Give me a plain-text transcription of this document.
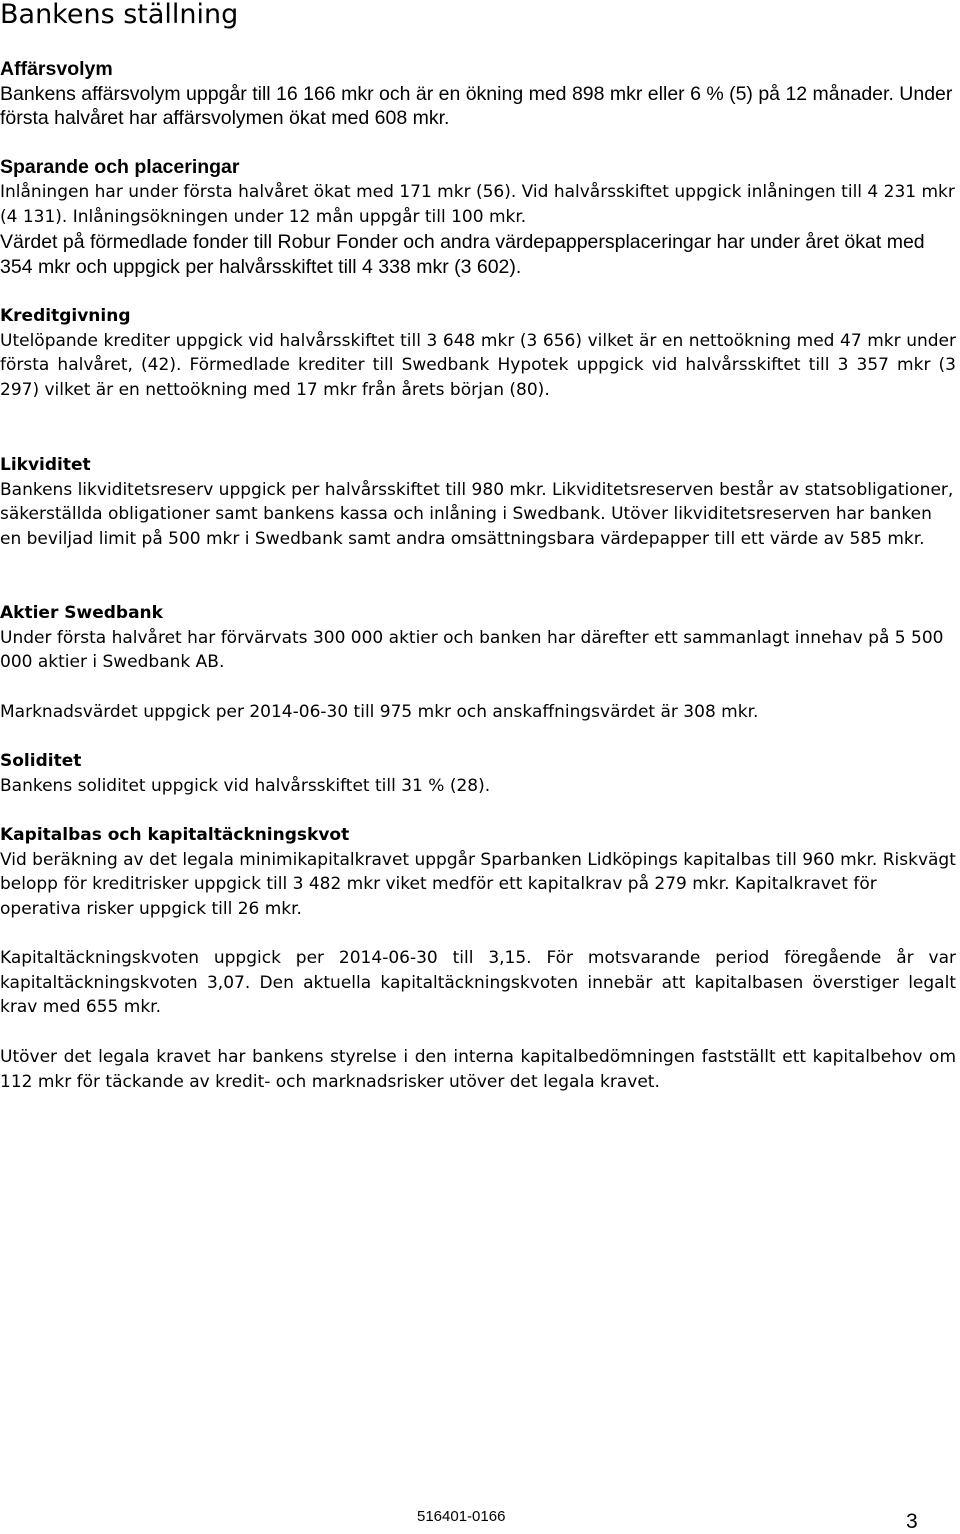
Bankens ställning
Affärsvolym

Bankens affärsvolym uppgår till 16 166 mkr och är en ökning med 898 mkr eller 6 % (5) på 12 månader. Under första halvåret har affärsvolymen ökat med 608 mkr.

Sparande och placeringar

Inlåningen har under första halvåret ökat med 171 mkr (56). Vid halvårsskiftet uppgick inlåningen till 4 231 mkr (4 131). Inlåningsökningen under 12 mån uppgår till 100 mkr.

Värdet på förmedlade fonder till Robur Fonder och andra värdepappersplaceringar har under året ökat med 354 mkr och uppgick per halvårsskiftet till 4 338 mkr (3 602).

Kreditgivning

Utelöpande krediter uppgick vid halvårsskiftet till 3 648 mkr (3 656) vilket är en nettoökning med 47 mkr under första halvåret, (42). Förmedlade krediter till Swedbank Hypotek uppgick vid halvårsskiftet till 3 357 mkr (3 297) vilket är en nettoökning med 17 mkr från årets början (80).

Likviditet

Bankens likviditetsreserv uppgick per halvårsskiftet till 980 mkr. Likviditetsreserven består av statsobligationer, säkerställda obligationer samt bankens kassa och inlåning i Swedbank. Utöver likviditetsreserven har banken en beviljad limit på 500 mkr i Swedbank samt andra omsättningsbara värdepapper till ett värde av 585 mkr.

Aktier Swedbank

Under första halvåret har förvärvats 300 000 aktier och banken har därefter ett sammanlagt innehav på 5 500 000 aktier i Swedbank AB.

Marknadsvärdet uppgick per 2014-06-30 till 975 mkr och anskaffningsvärdet är 308 mkr.

Soliditet

Bankens soliditet uppgick vid halvårsskiftet till 31 % (28).

Kapitalbas och kapitaltäckningskvot

Vid beräkning av det legala minimikapitalkravet uppgår Sparbanken Lidköpings kapitalbas till 960 mkr. Riskvägt belopp för kreditrisker uppgick till 3 482 mkr viket medför ett kapitalkrav på 279 mkr. Kapitalkravet för operativa risker uppgick till 26 mkr.

Kapitaltäckningskvoten uppgick per 2014-06-30 till 3,15. För motsvarande period föregående år var kapitaltäckningskvoten 3,07. Den aktuella kapitaltäckningskvoten innebär att kapitalbasen överstiger legalt krav med 655 mkr.

Utöver det legala kravet har bankens styrelse i den interna kapitalbedömningen fastställt ett kapitalbehov om 112 mkr för täckande av kredit- och marknadsrisker utöver det legala kravet.

516401-0166	3
